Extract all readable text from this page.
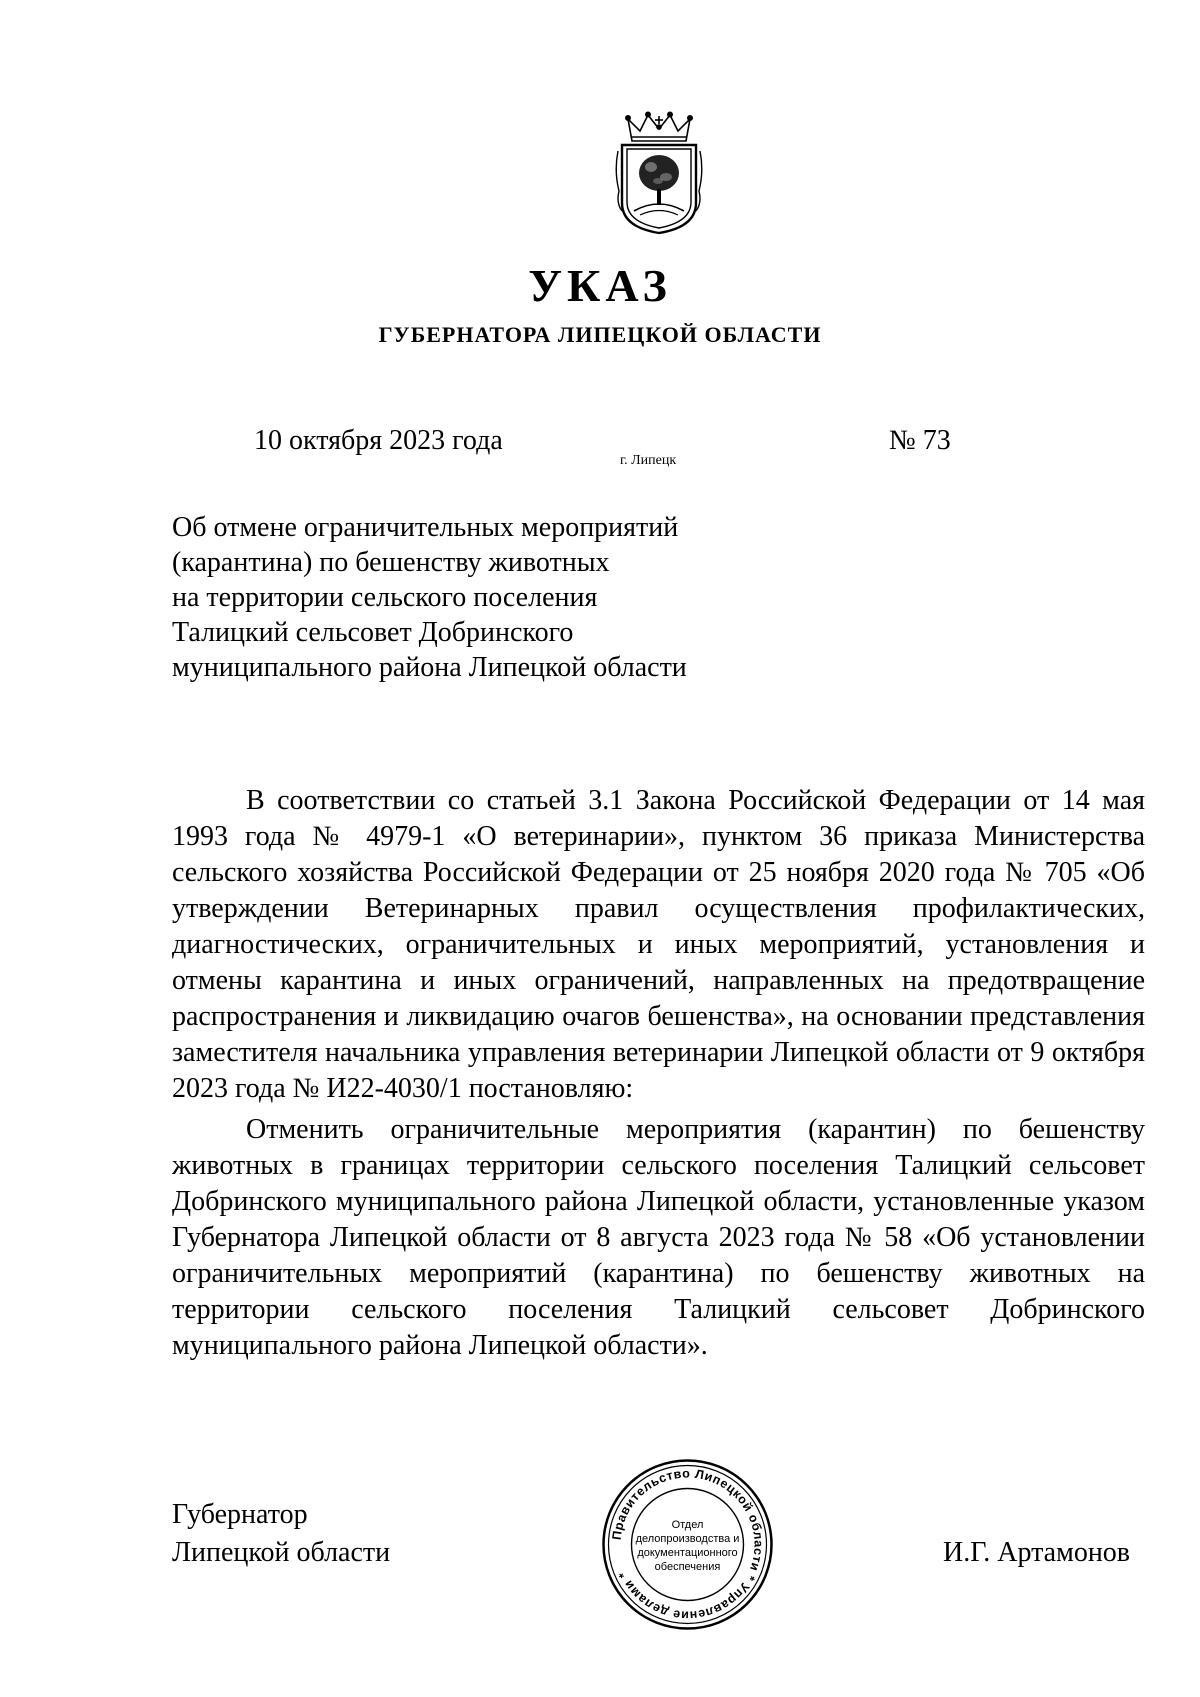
УКАЗ
ГУБЕРНАТОРА ЛИПЕЦКОЙ ОБЛАСТИ
10 октября 2023 года
г. Липецк
№ 73
Об отмене ограничительных мероприятий
(карантина) по бешенству животных
на территории сельского поселения
Талицкий сельсовет Добринского
муниципального района Липецкой области

В соответствии со статьей 3.1 Закона Российской Федерации от 14 мая 1993 года № 4979-1 «О ветеринарии», пунктом 36 приказа Министерства сельского хозяйства Российской Федерации от 25 ноября 2020 года № 705 «Об утверждении Ветеринарных правил осуществления профилактических, диагностических, ограничительных и иных мероприятий, установления и отмены карантина и иных ограничений, направленных на предотвращение распространения и ликвидацию очагов бешенства», на основании представления заместителя начальника управления ветеринарии Липецкой области от 9 октября 2023 года № И22-4030/1 постановляю:

Отменить ограничительные мероприятия (карантин) по бешенству животных в границах территории сельского поселения Талицкий сельсовет Добринского муниципального района Липецкой области, установленные указом Губернатора Липецкой области от 8 августа 2023 года № 58 «Об установлении ограничительных мероприятий (карантина) по бешенству животных на территории сельского поселения Талицкий сельсовет Добринского муниципального района Липецкой области».

Губернатор
Липецкой области	И.Г. Артамонов
Правительство Липецкой области * Управление делами *
Отдел
делопроизводства и
документационного
обеспечения
